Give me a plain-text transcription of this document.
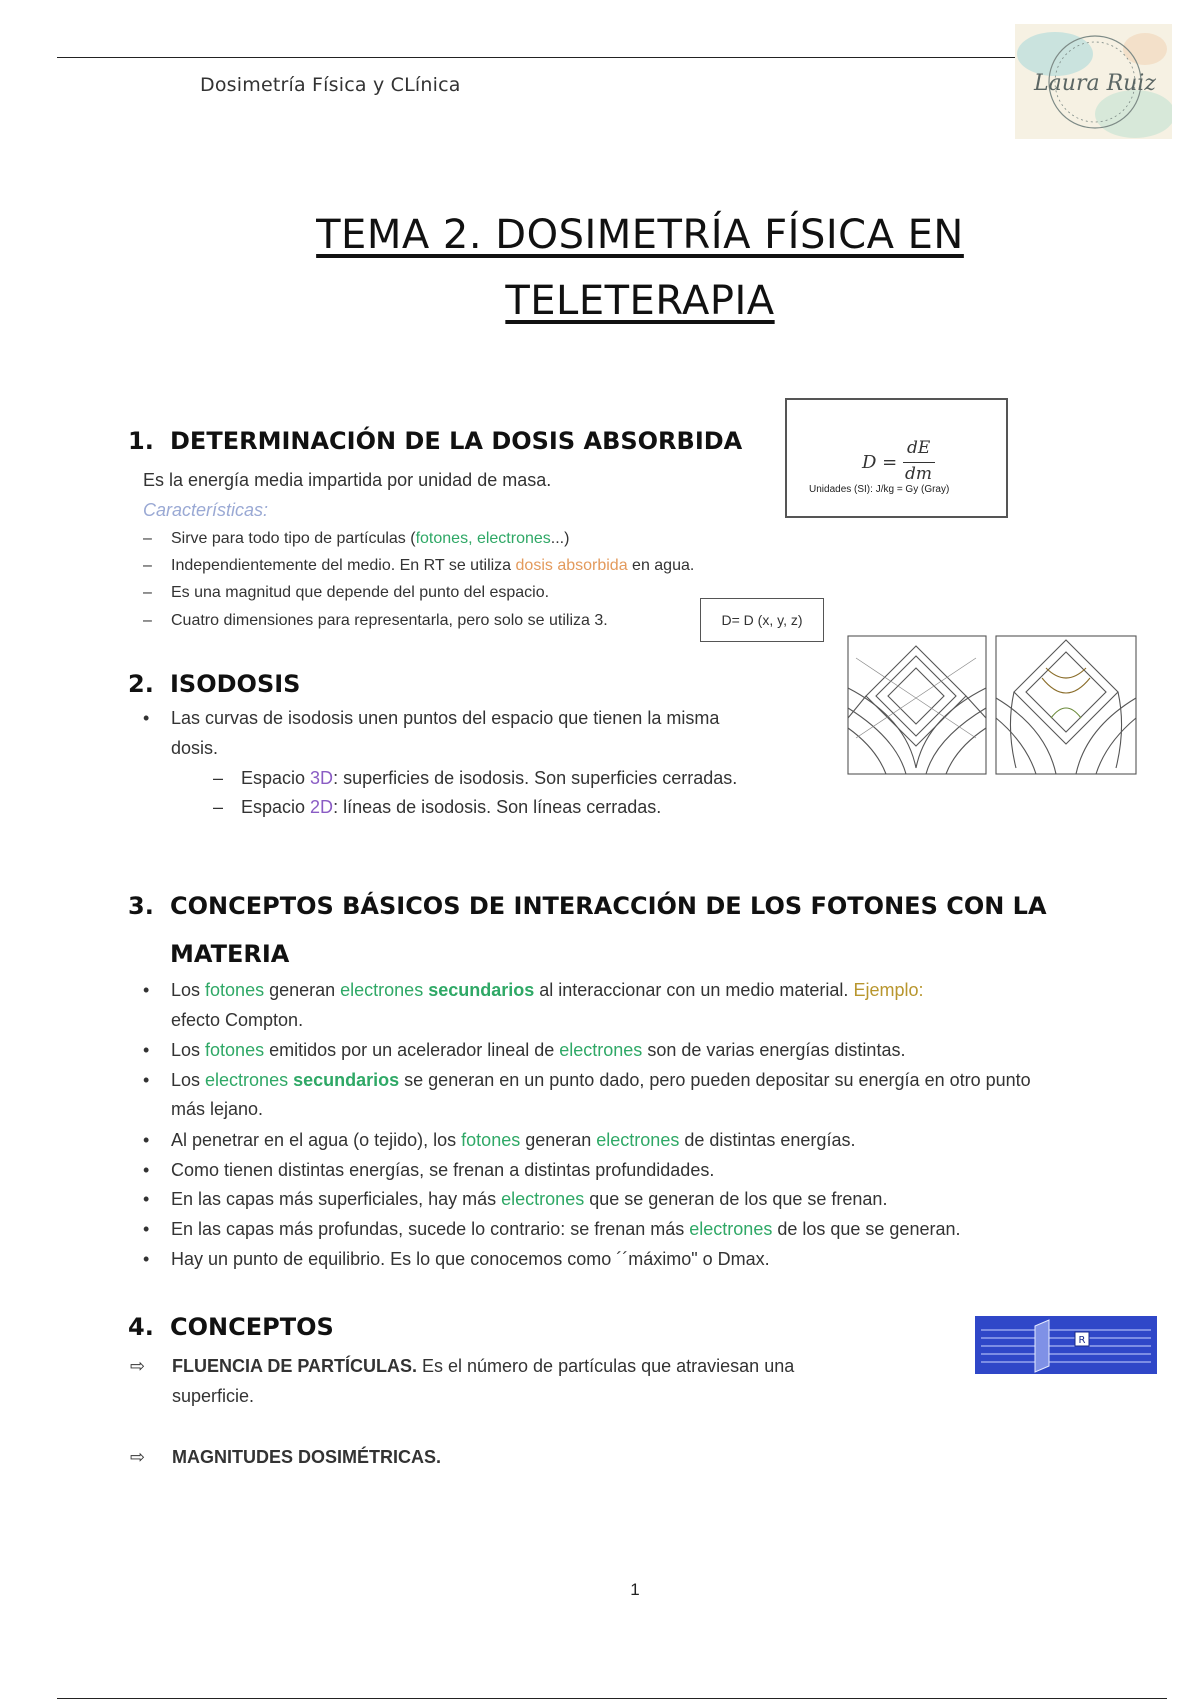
Dosimetría Física y CLínica	Laura Ruiz
TEMA 2. DOSIMETRÍA FÍSICA EN
TELETERAPIA
1. DETERMINACIÓN DE LA DOSIS ABSORBIDA
Es la energía media impartida por unidad de masa.
Características:
– Sirve para todo tipo de partículas (fotones, electrones...)
– Independientemente del medio. En RT se utiliza dosis absorbida en agua.
– Es una magnitud que depende del punto del espacio.
– Cuatro dimensiones para representarla, pero solo se utiliza 3.	D= D (x, y, z)
D =
dE
dm
Unidades (SI): J/kg = Gy (Gray)
2. ISODOSIS
• Las curvas de isodosis unen puntos del espacio que tienen la misma
dosis.
– Espacio 3D: superficies de isodosis. Son superficies cerradas.
– Espacio 2D: líneas de isodosis. Son líneas cerradas.
3. CONCEPTOS BÁSICOS DE INTERACCIÓN DE LOS FOTONES CON LA
MATERIA
• Los fotones generan electrones secundarios al interaccionar con un medio material. Ejemplo:
efecto Compton.
• Los fotones emitidos por un acelerador lineal de electrones son de varias energías distintas.
• Los electrones secundarios se generan en un punto dado, pero pueden depositar su energía en otro punto
más lejano.
• Al penetrar en el agua (o tejido), los fotones generan electrones de distintas energías.
• Como tienen distintas energías, se frenan a distintas profundidades.
• En las capas más superficiales, hay más electrones que se generan de los que se frenan.
• En las capas más profundas, sucede lo contrario: se frenan más electrones de los que se generan.
• Hay un punto de equilibrio. Es lo que conocemos como ´´máximo" o Dmax.
4. CONCEPTOS
⇨ FLUENCIA DE PARTÍCULAS. Es el número de partículas que atraviesan una
superficie.
⇨ MAGNITUDES DOSIMÉTRICAS.
R
1
